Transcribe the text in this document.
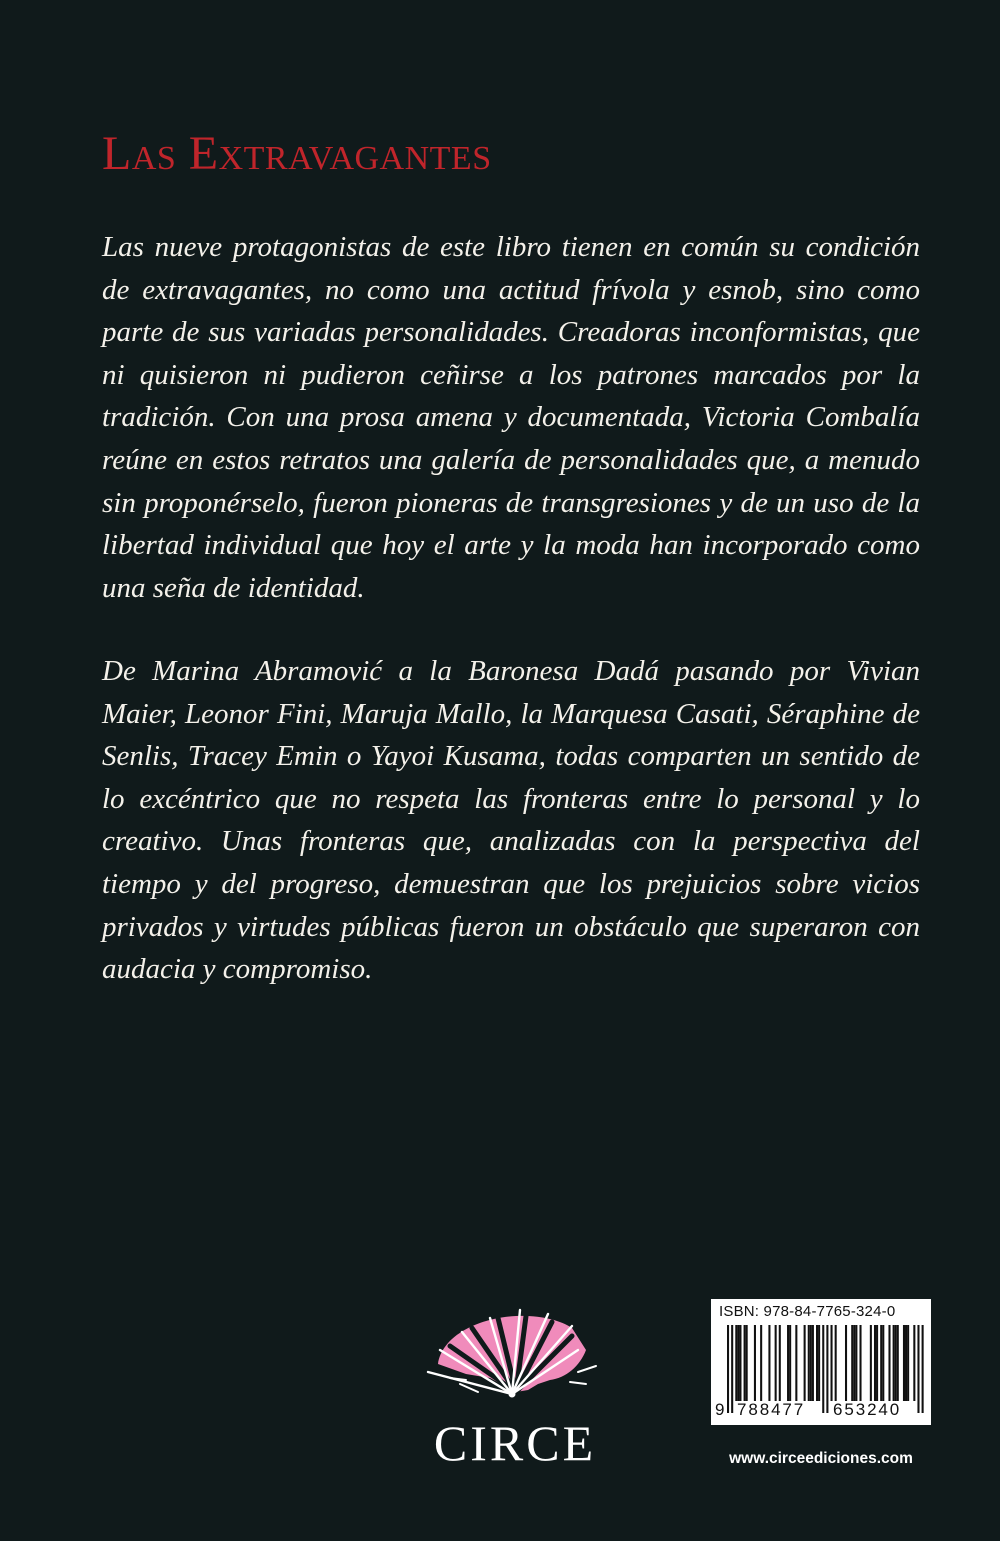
Las Extravagantes

Las nueve protagonistas de este libro tienen en común su condición de extravagantes, no como una actitud frívola y esnob, sino como parte de sus variadas personalidades. Creadoras inconformistas, que ni quisieron ni pudieron ceñirse a los patrones marcados por la tradición. Con una prosa amena y documentada, Victoria Combalía reúne en estos retratos una galería de personalidades que, a menudo sin proponérselo, fueron pioneras de transgresiones y de un uso de la libertad individual que hoy el arte y la moda han incorporado como una seña de identidad.

De Marina Abramović a la Baronesa Dadá pasando por Vivian Maier, Leonor Fini, Maruja Mallo, la Marquesa Casati, Séraphine de Senlis, Tracey Emin o Yayoi Kusama, todas comparten un sentido de lo excéntrico que no respeta las fronteras entre lo personal y lo creativo. Unas fronteras que, analizadas con la perspectiva del tiempo y del progreso, demuestran que los prejuicios sobre vicios privados y virtudes públicas fueron un obstáculo que superaron con audacia y compromiso.

CIRCE
ISBN: 978-84-7765-324-0
9 788477 653240
www.circeediciones.com
